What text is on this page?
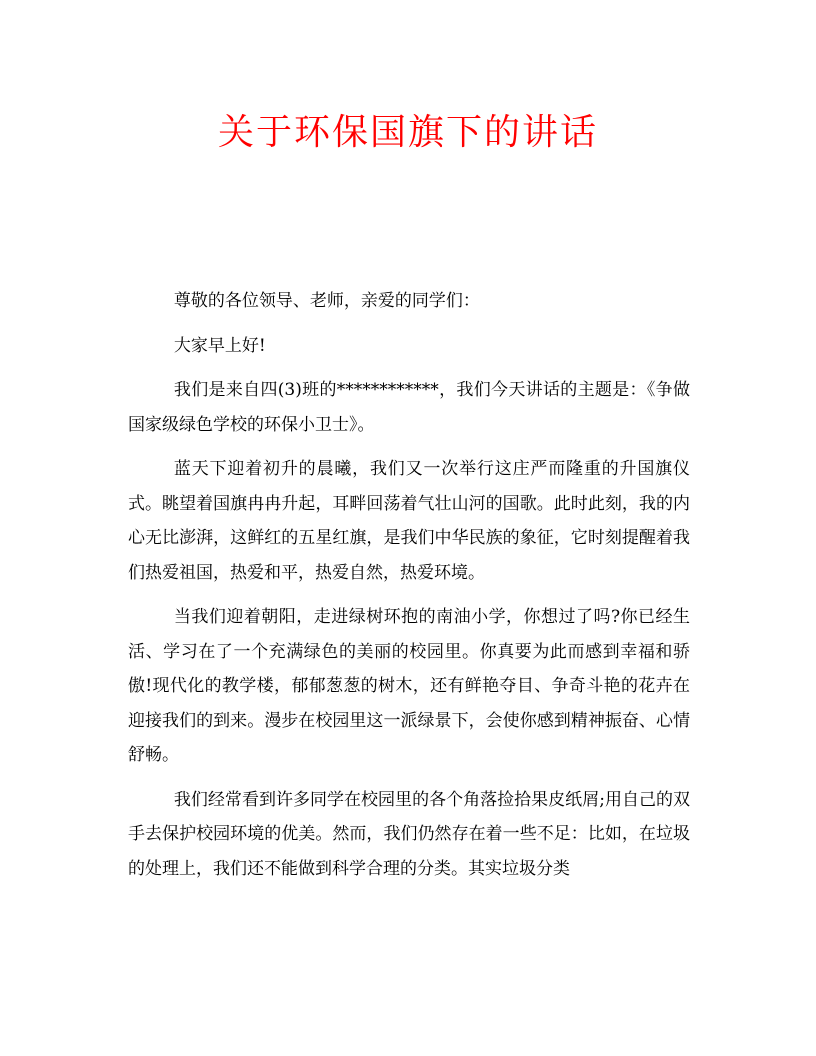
关于环保国旗下的讲话

尊敬的各位领导、老师，亲爱的同学们：

大家早上好!

我们是来自四(3)班的************，我们今天讲话的主题是：《争做国家级绿色学校的环保小卫士》。

蓝天下迎着初升的晨曦，我们又一次举行这庄严而隆重的升国旗仪式。眺望着国旗冉冉升起，耳畔回荡着气壮山河的国歌。此时此刻，我的内心无比澎湃，这鲜红的五星红旗，是我们中华民族的象征，它时刻提醒着我们热爱祖国，热爱和平，热爱自然，热爱环境。

当我们迎着朝阳，走进绿树环抱的南油小学，你想过了吗?你已经生活、学习在了一个充满绿色的美丽的校园里。你真要为此而感到幸福和骄傲!现代化的教学楼，郁郁葱葱的树木，还有鲜艳夺目、争奇斗艳的花卉在迎接我们的到来。漫步在校园里这一派绿景下，会使你感到精神振奋、心情舒畅。

我们经常看到许多同学在校园里的各个角落捡拾果皮纸屑;用自己的双手去保护校园环境的优美。然而，我们仍然存在着一些不足：比如，在垃圾的处理上，我们还不能做到科学合理的分类。其实垃圾分类
